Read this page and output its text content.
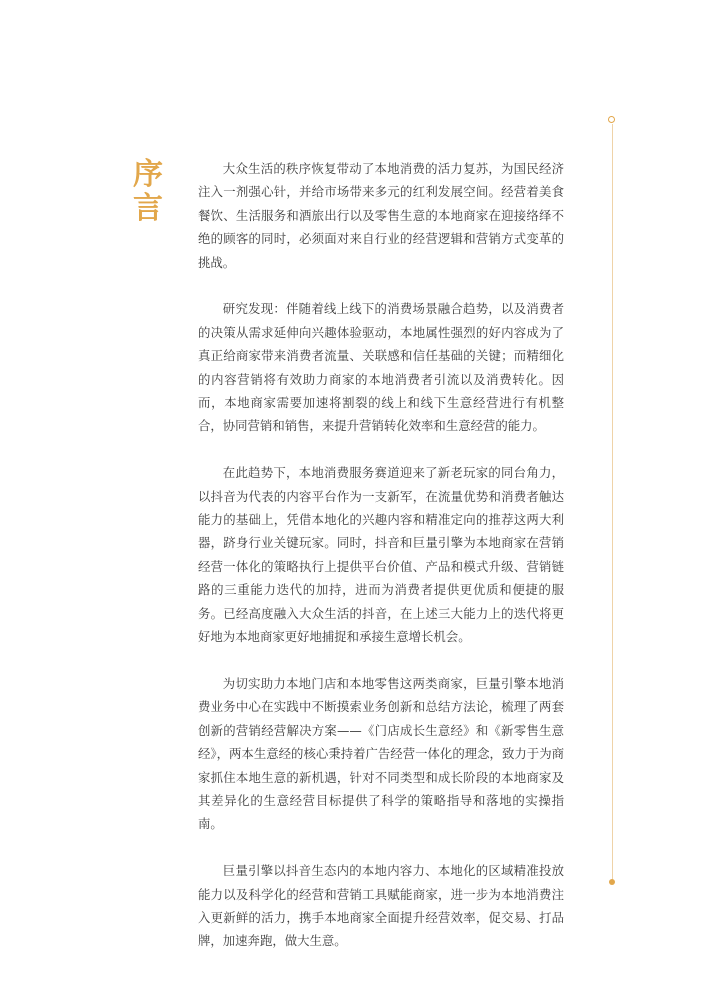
序
言

大众生活的秩序恢复带动了本地消费的活力复苏，为国民经济注入一剂强心针，并给市场带来多元的红利发展空间。经营着美食餐饮、生活服务和酒旅出行以及零售生意的本地商家在迎接络绎不绝的顾客的同时，必须面对来自行业的经营逻辑和营销方式变革的挑战。

研究发现：伴随着线上线下的消费场景融合趋势，以及消费者的决策从需求延伸向兴趣体验驱动，本地属性强烈的好内容成为了真正给商家带来消费者流量、关联感和信任基础的关键；而精细化的内容营销将有效助力商家的本地消费者引流以及消费转化。因而，本地商家需要加速将割裂的线上和线下生意经营进行有机整合，协同营销和销售，来提升营销转化效率和生意经营的能力。

在此趋势下，本地消费服务赛道迎来了新老玩家的同台角力，以抖音为代表的内容平台作为一支新军，在流量优势和消费者触达能力的基础上，凭借本地化的兴趣内容和精准定向的推荐这两大利器，跻身行业关键玩家。同时，抖音和巨量引擎为本地商家在营销经营一体化的策略执行上提供平台价值、产品和模式升级、营销链路的三重能力迭代的加持，进而为消费者提供更优质和便捷的服务。已经高度融入大众生活的抖音，在上述三大能力上的迭代将更好地为本地商家更好地捕捉和承接生意增长机会。

为切实助力本地门店和本地零售这两类商家，巨量引擎本地消费业务中心在实践中不断摸索业务创新和总结方法论，梳理了两套创新的营销经营解决方案——《门店成长生意经》和《新零售生意经》，两本生意经的核心秉持着广告经营一体化的理念，致力于为商家抓住本地生意的新机遇，针对不同类型和成长阶段的本地商家及其差异化的生意经营目标提供了科学的策略指导和落地的实操指南。

巨量引擎以抖音生态内的本地内容力、本地化的区域精准投放能力以及科学化的经营和营销工具赋能商家，进一步为本地消费注入更新鲜的活力，携手本地商家全面提升经营效率，促交易、打品牌，加速奔跑，做大生意。
